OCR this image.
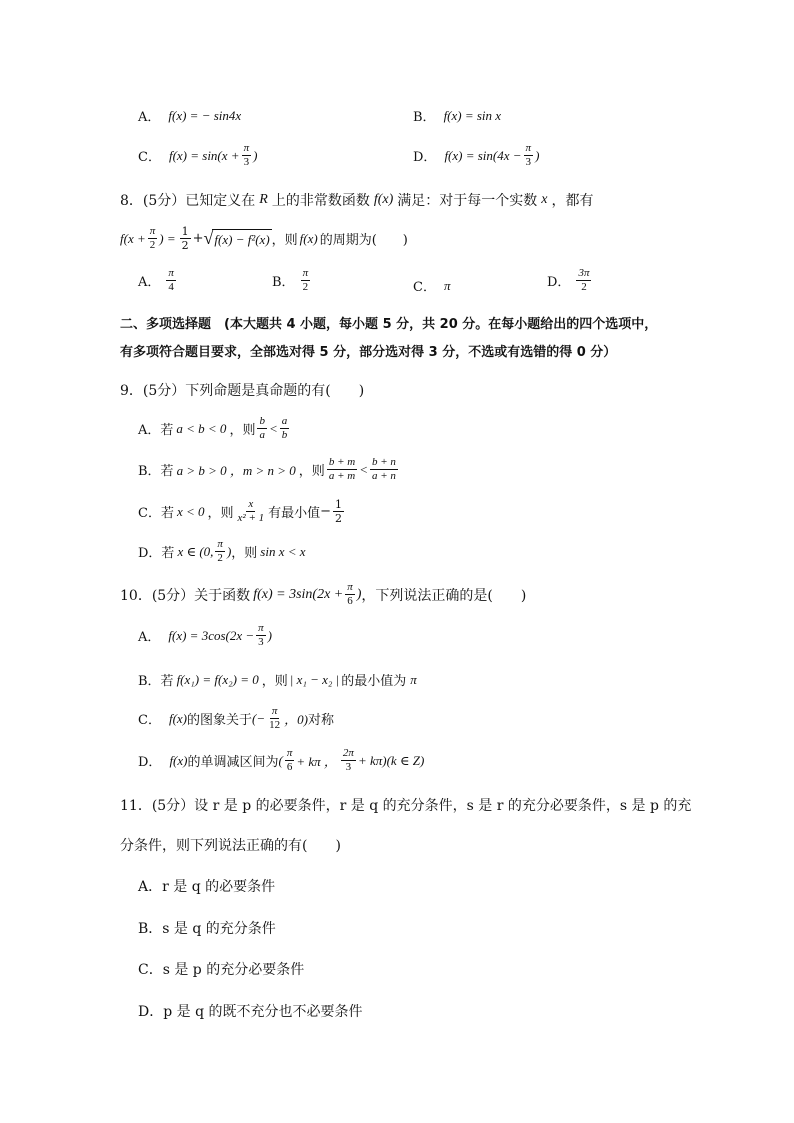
A． f(x) = − sin4x	B． f(x) = sin x
C． $f(x) = \sin(x + \frac{\pi}{3}$ )	D． $f(x) = \sin(4x - \frac{\pi}{3}$ )
8．(5分）已知定义在 R 上的非常数函数 f(x) 满足：对于每一个实数 x ，都有
$f(x + \frac{\pi}{2}$ ) = $\frac{1}{2}$ + √ f(x) − f²(x) ，则 f(x) 的周期为(　　)
A． $\frac{\pi}{4}$	B． $\frac{\pi}{2}$	C． π	D． $\frac{3\pi}{2}$
二、多项选择题　(本大题共 4 小题，每小题 5 分，共 20 分。在每小题给出的四个选项中，
有多项符合题目要求，全部选对得 5 分，部分选对得 3 分，不选或有选错的得 0 分）
9．(5分）下列命题是真命题的有(　　)
A．若 a < b < 0 ，则 $\frac{b}{a} < \frac{a}{b}$
B．若 a > b > 0 ，m > n > 0 ，则 $\frac{b + m}{a + m} < \frac{b + n}{a + n}$
C．若 x < 0 ，则 $\frac{x}{\text{x² + 1}}$ 有最小值 − $\frac{1}{2}$
D．若 x ∈ (0, $\frac{\pi}{2}$ ) ，则 sin x < x
10．(5分）关于函数 $f(x) = 3\sin(2x + \frac{\pi}{6}$ ) ，下列说法正确的是(　　)
A． $f(x) = 3\cos(2x - \frac{\pi}{3}$ )
B．若 f(x₁) = f(x₂) = 0 ，则 | x₁ − x₂ | 的最小值为 π
C． f(x) 的图象关于 (− $\frac{\pi}{12}$ ，0) 对称
D． f(x) 的单调减区间为 ( $\frac{\pi}{6} + k\pi$ ， $\frac{2\pi}{3} + k\pi)(k$ ∈ Z)
11．(5分）设 r 是 p 的必要条件，r 是 q 的充分条件，s 是 r 的充分必要条件，s 是 p 的充
分条件，则下列说法正确的有(　　)
A．r 是 q 的必要条件
B．s 是 q 的充分条件
C．s 是 p 的充分必要条件
D．p 是 q 的既不充分也不必要条件
